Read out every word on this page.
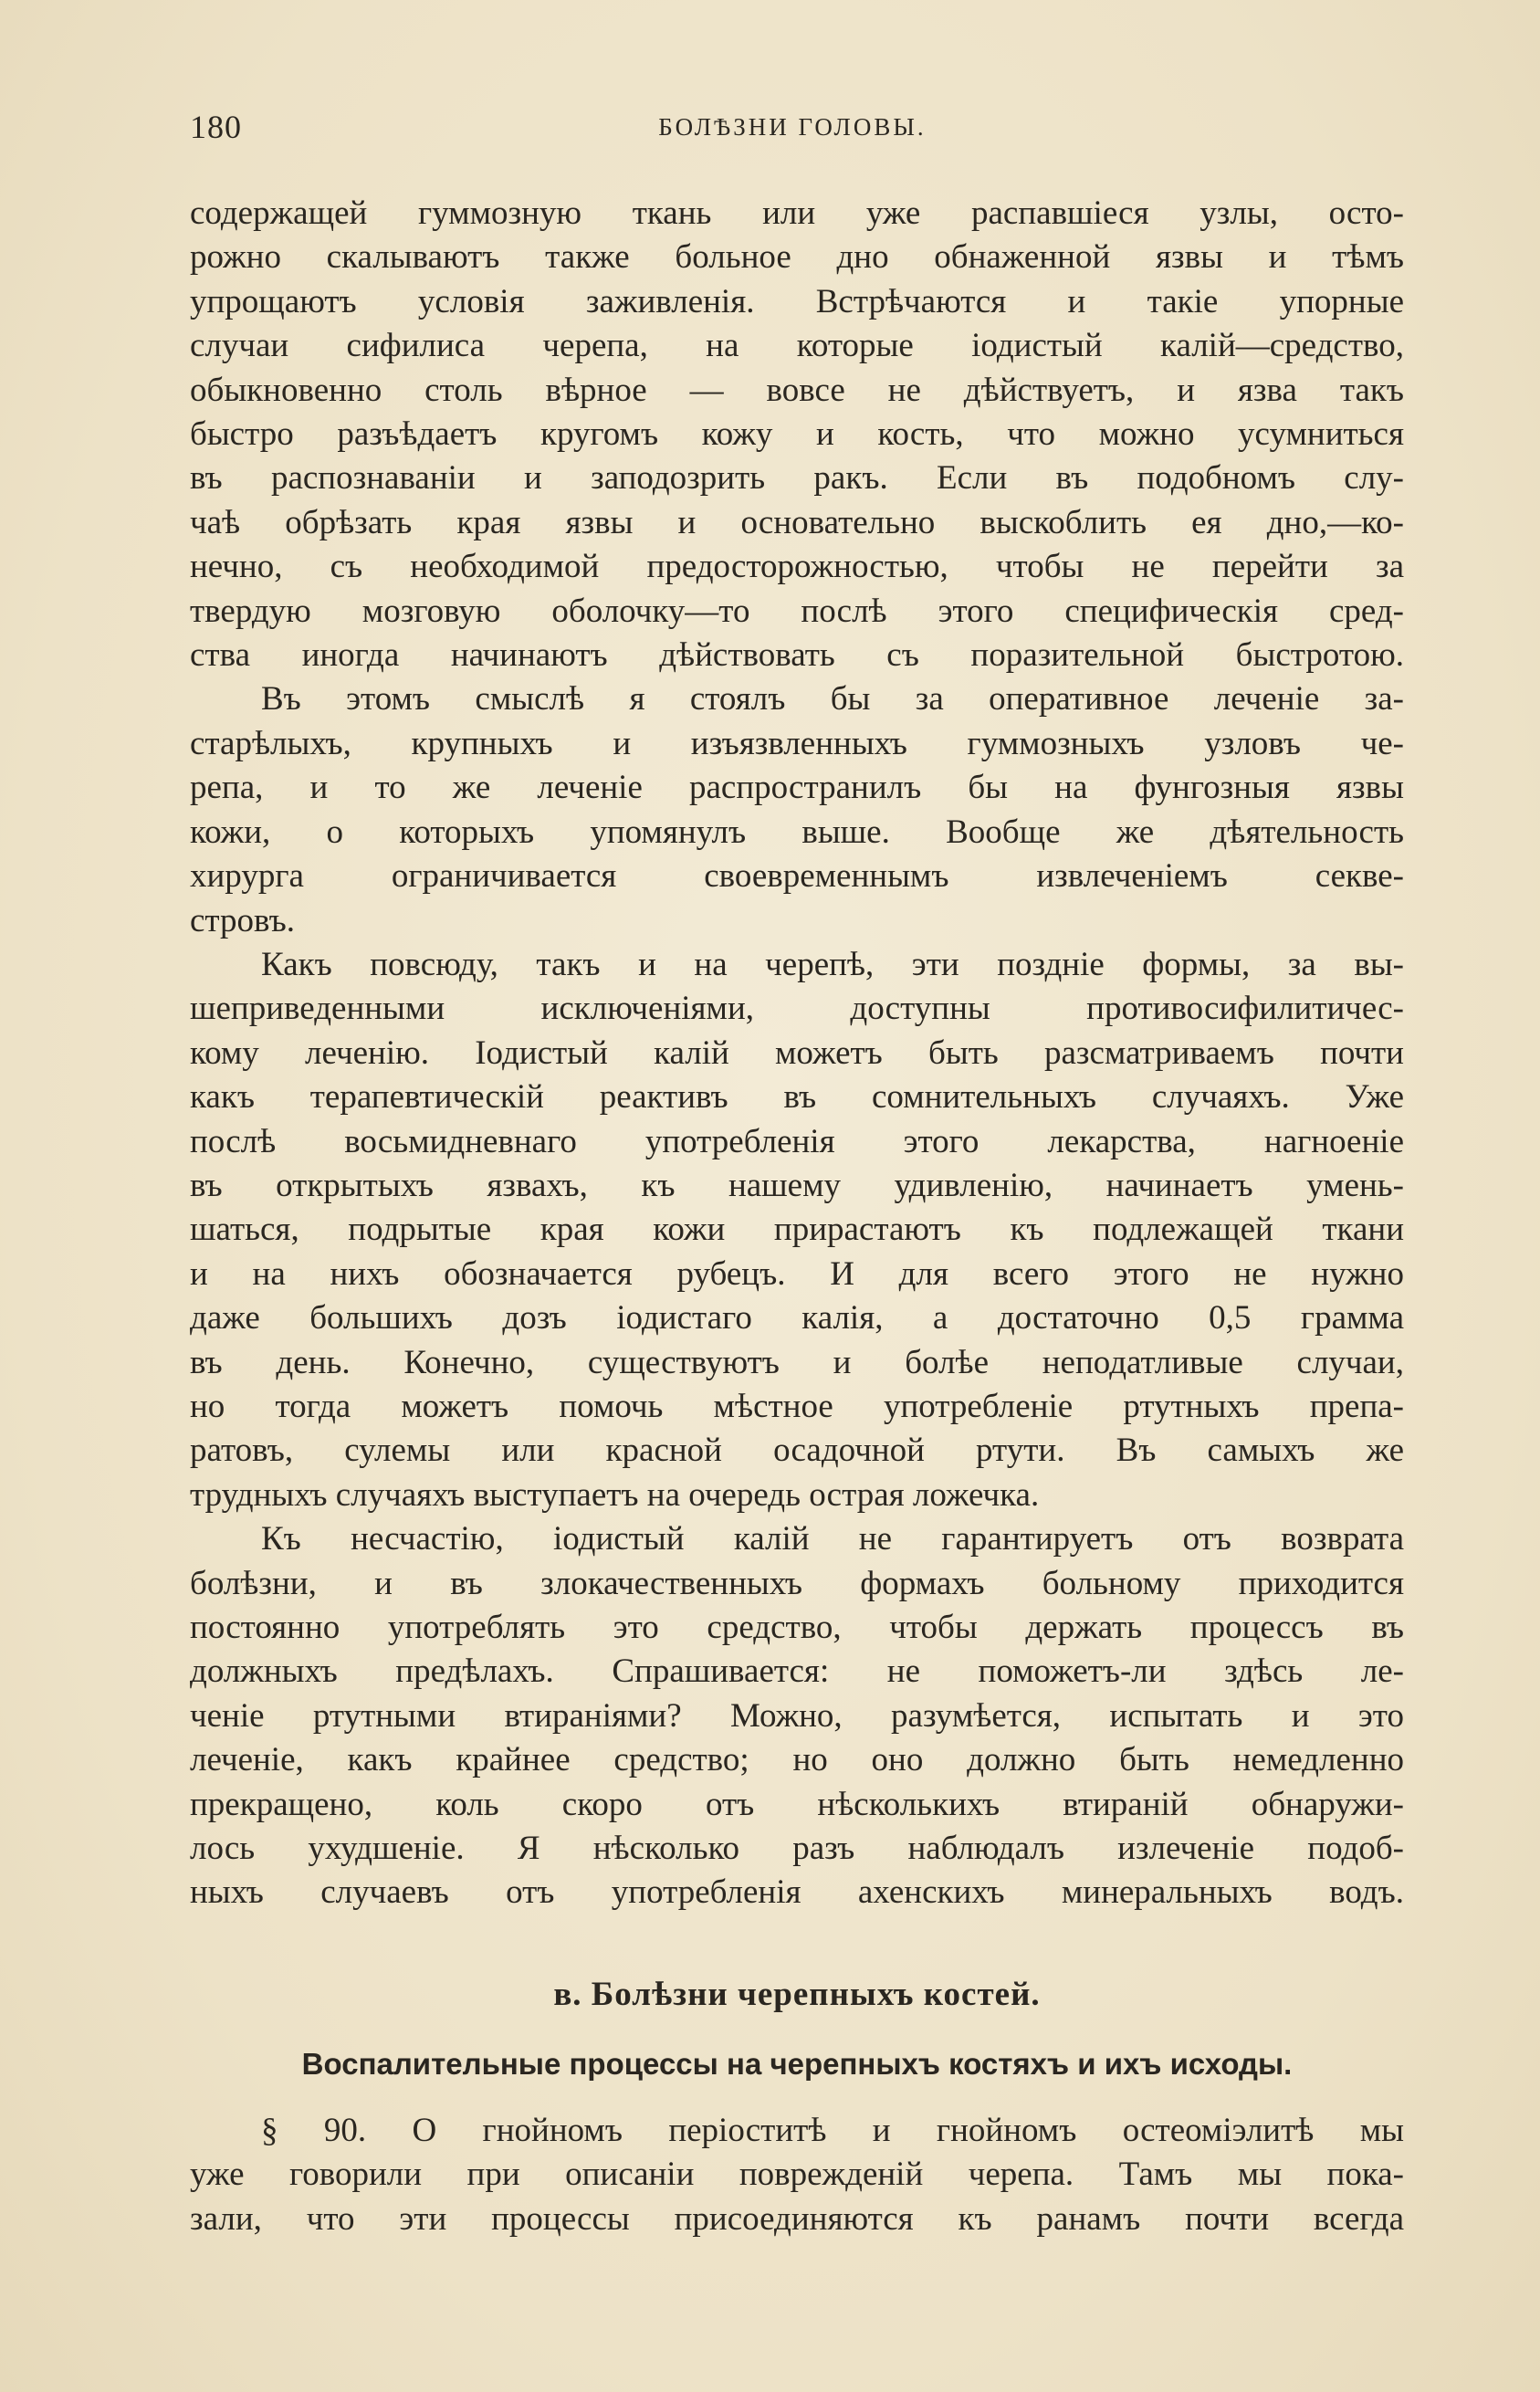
180	БОЛѢЗНИ ГОЛОВЫ.
содержащей гуммозную ткань или уже распавшіеся узлы, осто-
рожно скалываютъ также больное дно обнаженной язвы и тѣмъ
упрощаютъ условія заживленія. Встрѣчаются и такіе упорные
случаи сифилиса черепа, на которые іодистый калій—средство,
обыкновенно столь вѣрное — вовсе не дѣйствуетъ, и язва такъ
быстро разъѣдаетъ кругомъ кожу и кость, что можно усумниться
въ распознаваніи и заподозрить ракъ. Если въ подобномъ слу-
чаѣ обрѣзать края язвы и основательно выскоблить ея дно,—ко-
нечно, съ необходимой предосторожностью, чтобы не перейти за
твердую мозговую оболочку—то послѣ этого специфическія сред-
ства иногда начинаютъ дѣйствовать съ поразительной быстротою.
Въ этомъ смыслѣ я стоялъ бы за оперативное леченіе за-
старѣлыхъ, крупныхъ и изъязвленныхъ гуммозныхъ узловъ че-
репа, и то же леченіе распространилъ бы на фунгозныя язвы
кожи, о которыхъ упомянулъ выше. Вообще же дѣятельность
хирурга ограничивается своевременнымъ извлеченіемъ секве-
стровъ.
Какъ повсюду, такъ и на черепѣ, эти поздніе формы, за вы-
шеприведенными исключеніями, доступны противосифилитичес-
кому леченію. Іодистый калій можетъ быть разсматриваемъ почти
какъ терапевтическій реактивъ въ сомнительныхъ случаяхъ. Уже
послѣ восьмидневнаго употребленія этого лекарства, нагноеніе
въ открытыхъ язвахъ, къ нашему удивленію, начинаетъ умень-
шаться, подрытые края кожи прирастаютъ къ подлежащей ткани
и на нихъ обозначается рубецъ. И для всего этого не нужно
даже большихъ дозъ іодистаго калія, а достаточно 0,5 грамма
въ день. Конечно, существуютъ и болѣе неподатливые случаи,
но тогда можетъ помочь мѣстное употребленіе ртутныхъ препа-
ратовъ, сулемы или красной осадочной ртути. Въ самыхъ же
трудныхъ случаяхъ выступаетъ на очередь острая ложечка.
Къ несчастію, іодистый калій не гарантируетъ отъ возврата
болѣзни, и въ злокачественныхъ формахъ больному приходится
постоянно употреблять это средство, чтобы держать процессъ въ
должныхъ предѣлахъ. Спрашивается: не поможетъ-ли здѣсь ле-
ченіе ртутными втираніями? Можно, разумѣется, испытать и это
леченіе, какъ крайнее средство; но оно должно быть немедленно
прекращено, коль скоро отъ нѣсколькихъ втираній обнаружи-
лось ухудшеніе. Я нѣсколько разъ наблюдалъ излеченіе подоб-
ныхъ случаевъ отъ употребленія ахенскихъ минеральныхъ водъ.
в. Болѣзни черепныхъ костей.
Воспалительные процессы на черепныхъ костяхъ и ихъ исходы.
§ 90. О гнойномъ періоститѣ и гнойномъ остеоміэлитѣ мы
уже говорили при описаніи поврежденій черепа. Тамъ мы пока-
зали, что эти процессы присоединяются къ ранамъ почти всегда
